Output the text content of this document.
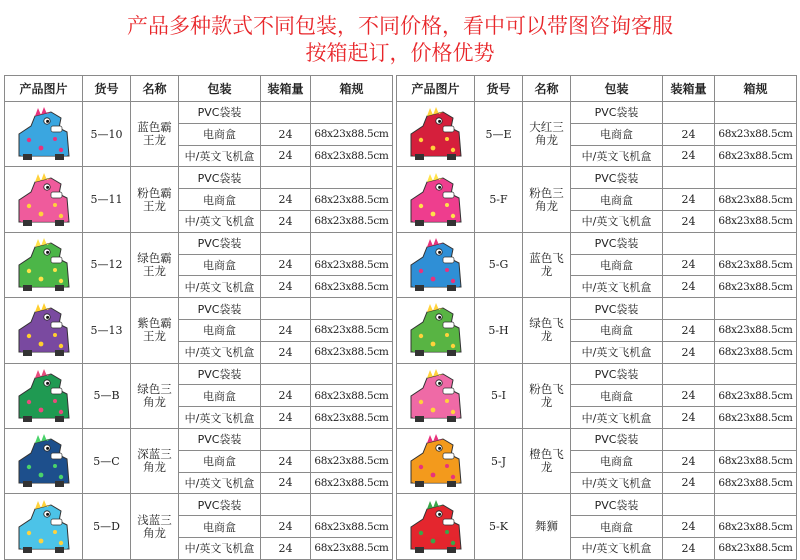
产品多种款式不同包装，不同价格，看中可以带图咨询客服
按箱起订，价格优势
产品图片	货号	名称	包装	装箱量	箱规

	5—10	蓝色霸王龙	PVC袋装		
			电商盒	24	68x23x88.5cm
			中/英文飞机盒	24	68x23x88.5cm

	5—11	粉色霸王龙	PVC袋装		
			电商盒	24	68x23x88.5cm
			中/英文飞机盒	24	68x23x88.5cm

	5—12	绿色霸王龙	PVC袋装		
			电商盒	24	68x23x88.5cm
			中/英文飞机盒	24	68x23x88.5cm

	5—13	紫色霸王龙	PVC袋装		
			电商盒	24	68x23x88.5cm
			中/英文飞机盒	24	68x23x88.5cm

	5—B	绿色三角龙	PVC袋装		
			电商盒	24	68x23x88.5cm
			中/英文飞机盒	24	68x23x88.5cm

	5—C	深蓝三角龙	PVC袋装		
			电商盒	24	68x23x88.5cm
			中/英文飞机盒	24	68x23x88.5cm

	5—D	浅蓝三角龙	PVC袋装		
			电商盒	24	68x23x88.5cm
			中/英文飞机盒	24	68x23x88.5cm
产品图片	货号	名称	包装	装箱量	箱规

	5—E	大红三角龙	PVC袋装		
			电商盒	24	68x23x88.5cm
			中/英文飞机盒	24	68x23x88.5cm

	5-F	粉色三角龙	PVC袋装		
			电商盒	24	68x23x88.5cm
			中/英文飞机盒	24	68x23x88.5cm

	5-G	蓝色飞龙	PVC袋装		
			电商盒	24	68x23x88.5cm
			中/英文飞机盒	24	68x23x88.5cm

	5-H	绿色飞龙	PVC袋装		
			电商盒	24	68x23x88.5cm
			中/英文飞机盒	24	68x23x88.5cm

	5-I	粉色飞龙	PVC袋装		
			电商盒	24	68x23x88.5cm
			中/英文飞机盒	24	68x23x88.5cm

	5-J	橙色飞龙	PVC袋装		
			电商盒	24	68x23x88.5cm
			中/英文飞机盒	24	68x23x88.5cm

	5-K	舞狮	PVC袋装		
			电商盒	24	68x23x88.5cm
			中/英文飞机盒	24	68x23x88.5cm
